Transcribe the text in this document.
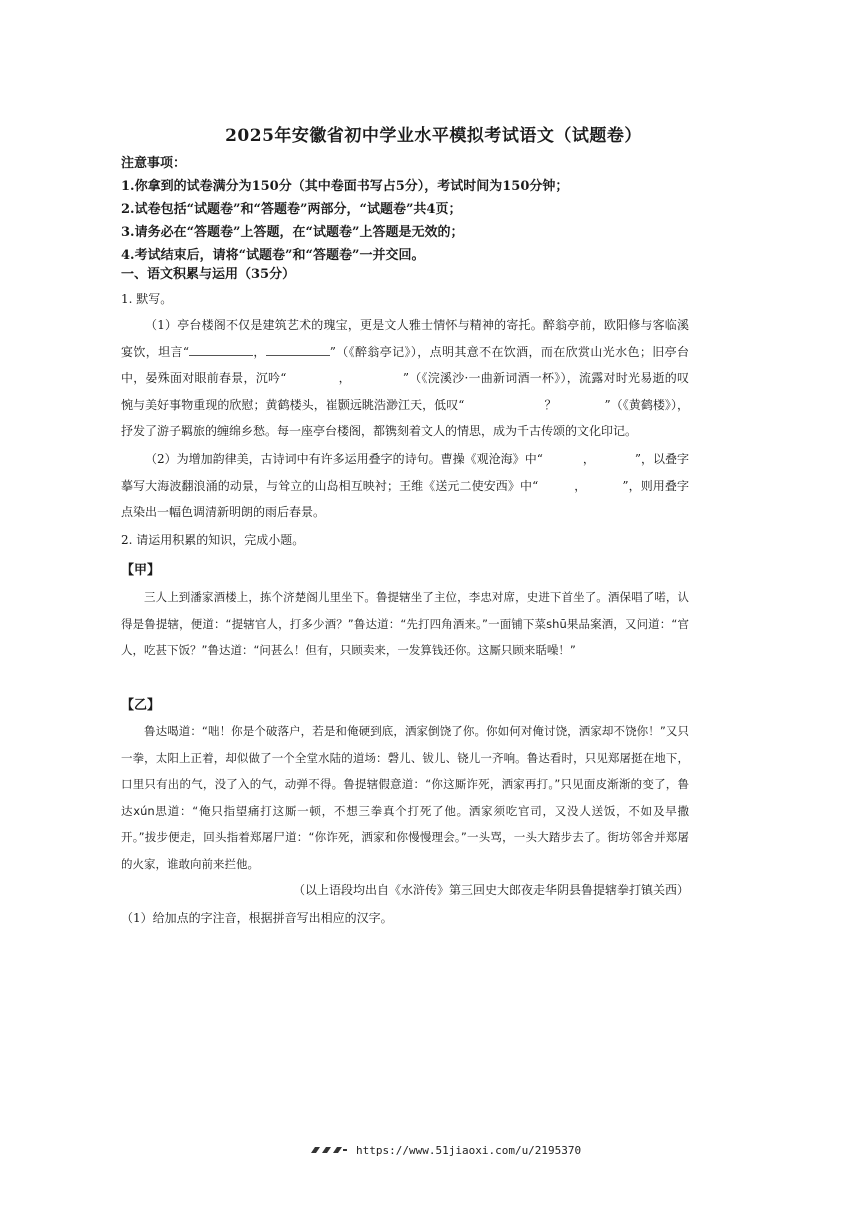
2025年安徽省初中学业水平模拟考试语文（试题卷）
注意事项：
1.你拿到的试卷满分为150分（其中卷面书写占5分），考试时间为150分钟；
2.试卷包括“试题卷”和“答题卷”两部分，“试题卷”共4页；
3.请务必在“答题卷”上答题，在“试题卷”上答题是无效的；
4.考试结束后，请将“试题卷”和“答题卷”一并交回。
一、语文积累与运用（35分）
1. 默写。
（1）亭台楼阁不仅是建筑艺术的瑰宝，更是文人雅士情怀与精神的寄托。醉翁亭前，欧阳修与客临溪宴饮，坦言“	，	”（《醉翁亭记》），点明其意不在饮酒，而在欣赏山光水色；旧亭台中，晏殊面对眼前春景，沉吟“	，	”（《浣溪沙·一曲新词酒一杯》），流露对时光易逝的叹惋与美好事物重现的欣慰；黄鹤楼头，崔颢远眺浩渺江天，低叹“	？	”（《黄鹤楼》），抒发了游子羁旅的缠绵乡愁。每一座亭台楼阁，都镌刻着文人的情思，成为千古传颂的文化印记。
（2）为增加韵律美，古诗词中有许多运用叠字的诗句。曹操《观沧海》中“	，	”，以叠字摹写大海波翻浪涌的动景，与耸立的山岛相互映衬；王维《送元二使安西》中“	，	”，则用叠字点染出一幅色调清新明朗的雨后春景。
2. 请运用积累的知识，完成小题。
【甲】
三人上到潘家酒楼上，拣个济楚阁儿里坐下。鲁提辖坐了主位，李忠对席，史进下首坐了。酒保唱了喏，认得是鲁提辖，便道：“提辖官人，打多少酒？”鲁达道：“先打四角酒来。”一面铺下菜shū果品案酒，又问道：“官人，吃甚下饭？”鲁达道：“问甚么！但有，只顾卖来，一发算钱还你。这厮只顾来聒噪！”
【乙】
鲁达喝道：“咄！你是个破落户，若是和俺硬到底，洒家倒饶了你。你如何对俺讨饶，洒家却不饶你！”又只一拳，太阳上正着，却似做了一个全堂水陆的道场：磬儿、钹儿、铙儿一齐响。鲁达看时，只见郑屠挺在地下，口里只有出的气，没了入的气，动弹不得。鲁提辖假意道：“你这厮诈死，洒家再打。”只见面皮渐渐的变了，鲁达xún思道：“俺只指望痛打这厮一顿，不想三拳真个打死了他。洒家须吃官司，又没人送饭，不如及早撒开。”拔步便走，回头指着郑屠尸道：“你诈死，洒家和你慢慢理会。”一头骂，一头大踏步去了。街坊邻舍并郑屠的火家，谁敢向前来拦他。
（以上语段均出自《水浒传》第三回史大郎夜走华阴县鲁提辖拳打镇关西）
（1）给加点的字注音，根据拼音写出相应的汉字。
https://www.51jiaoxi.com/u/2195370
